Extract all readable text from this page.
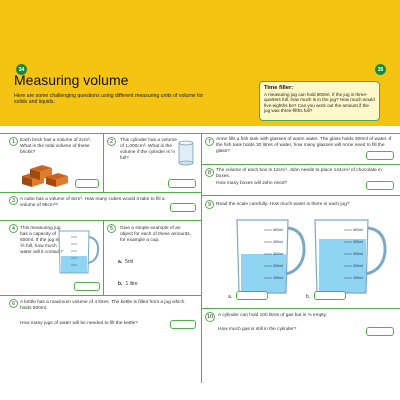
34	35
Measuring volume
Here are some challenging questions using different measuring units of volume for solids and liquids.
Time filler:
A measuring jug can hold 800ml. If the jug is three-quarters full, how much is in the jug? How much would five-eighths be? Can you work out the amount if the jug was three-fifths full?
1	Each brick has a volume of 2cm³. What is the total volume of these bricks?
2	This cylinder has a volume of 1,000cm³. What is the volume if the cylinder is ½ full?
3	A cube has a volume of 8cm³. How many cubes would it take to fill a volume of 96cm³?
4	This measuring jug has a capacity of 500ml. If the jug is ⅕ full, how much water will it contain?
5	Give a simple example of an object for each of these amounts, for example a cup.
a. 5ml
b. 1 litre
6	A kettle has a maximum volume of 4 litres. The kettle is filled from a jug which holds 500ml.
How many jugs of water will be needed to fill the kettle?
7	Anne fills a fish tank with glasses of warm water. The glass holds 300ml of water. If the fish tank holds 30 litres of water, how many glasses will Anne need to fill the glass?
8	The volume of each box is 12cm³. John needs to place 144cm³ of chocolate in boxes.
How many boxes will John need?
9	Read the scale carefully. How much water is there in each jug?
500ml
400ml
300ml
200ml
100ml
a.
500ml
400ml
300ml
200ml
100ml
b.
10	A cylinder can hold 100 litres of gas but is ⅓ empty.
How much gas is still in the cylinder?
